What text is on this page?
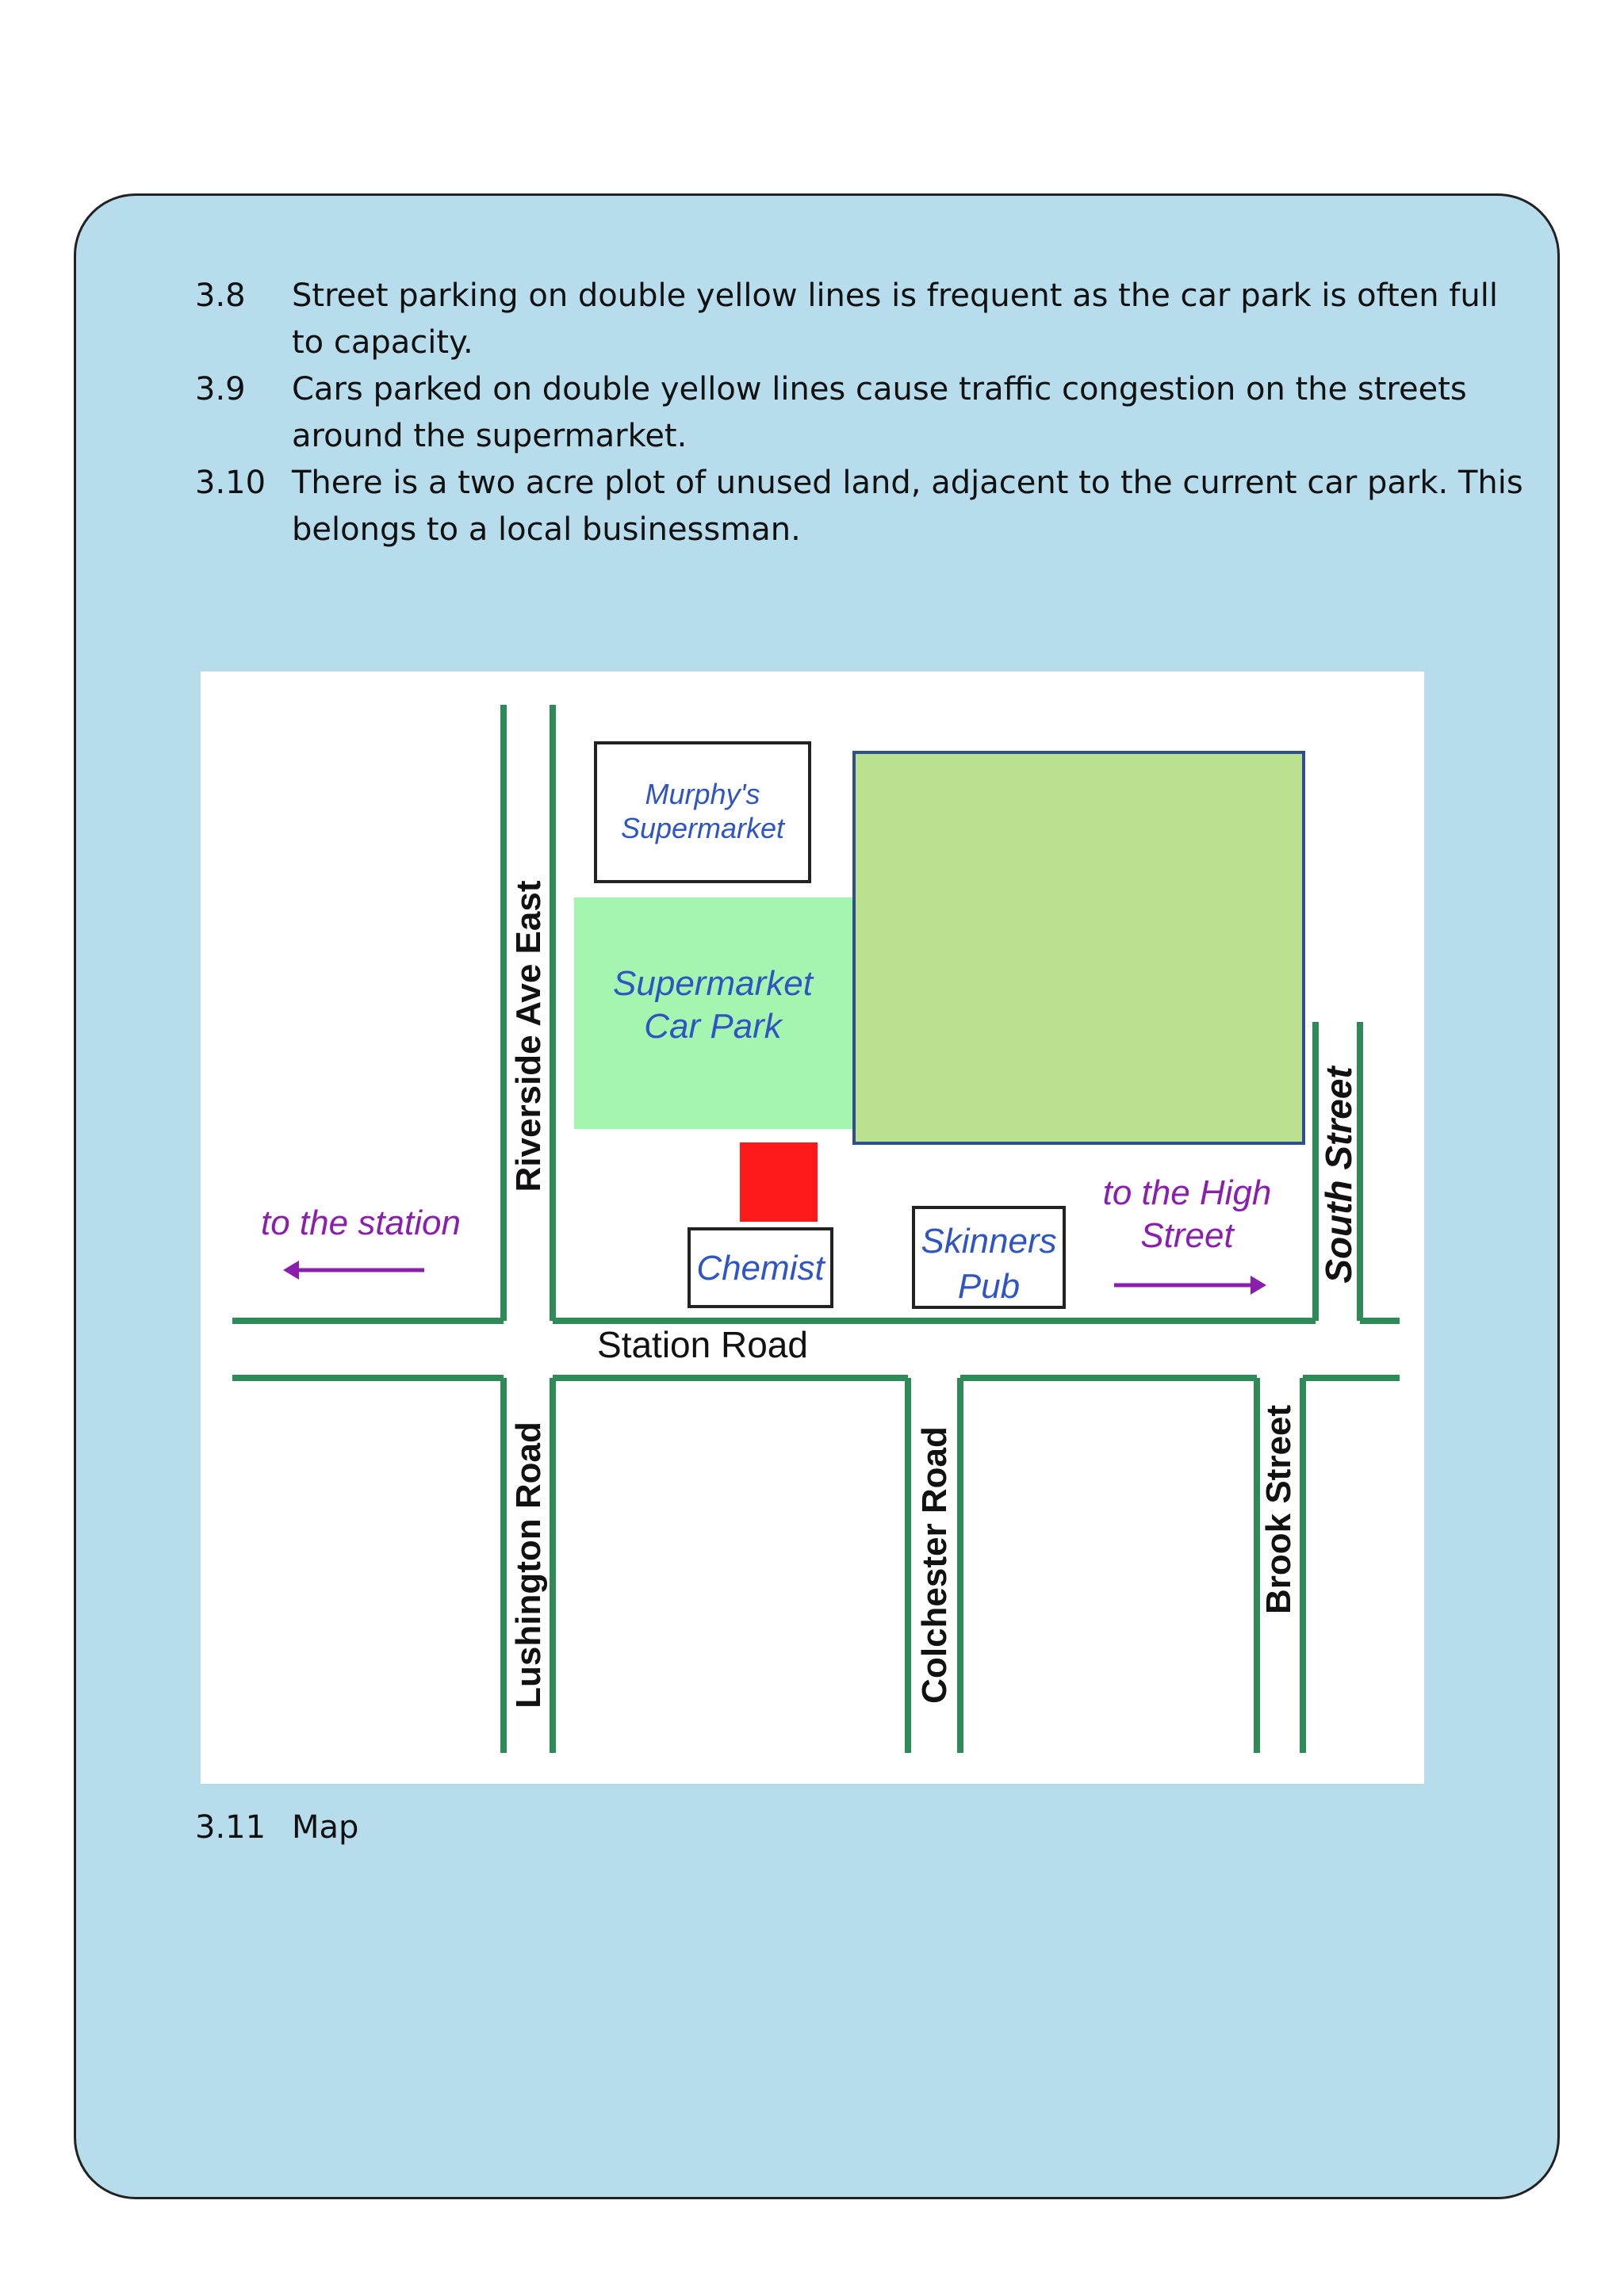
3.8 Street parking on double yellow lines is frequent as the car park is often full to capacity.
3.9 Cars parked on double yellow lines cause traffic congestion on the streets around the supermarket.
3.10 There is a two acre plot of unused land, adjacent to the current car park. This belongs to a local businessman.
Murphy's
Supermarket
Supermarket
Car Park
Chemist
Skinners
Pub
Riverside Ave East
Station Road
Lushington Road	Colchester Road	Brook Street
South Street
to the station
to the High
Street
3.11 Map
